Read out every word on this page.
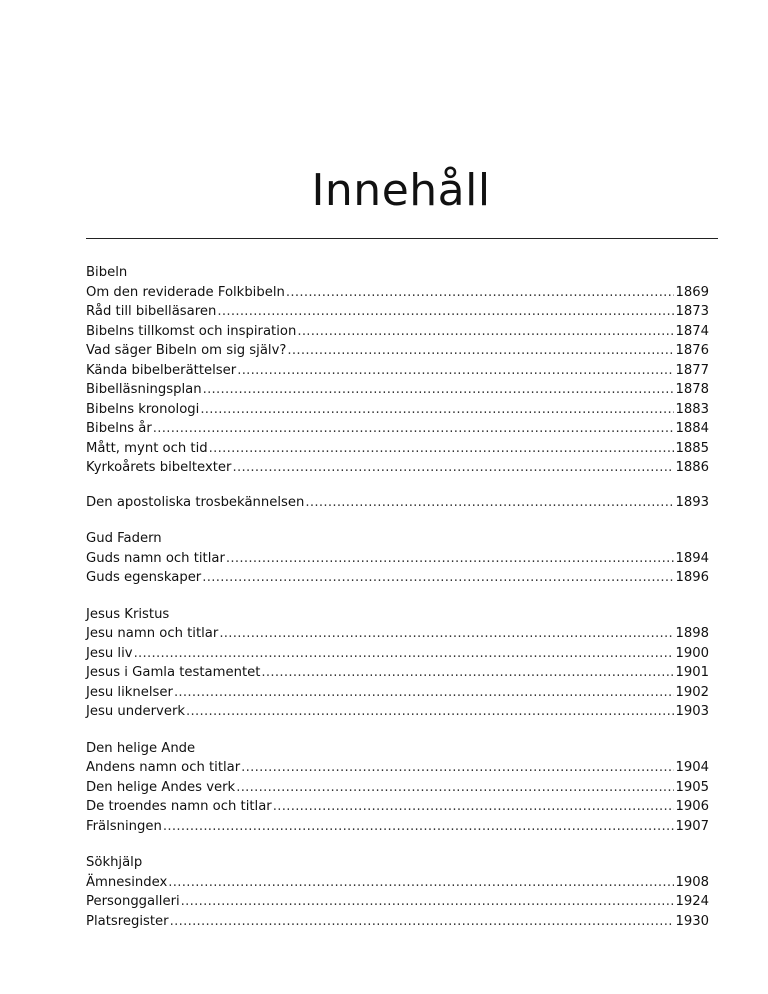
Innehåll
Bibeln
Om den reviderade Folkbibeln .....	1869
Råd till bibelläsaren .....	1873
Bibelns tillkomst och inspiration .....	1874
Vad säger Bibeln om sig själv? .....	1876
Kända bibelberättelser .....	1877
Bibelläsningsplan .....	1878
Bibelns kronologi .....	1883
Bibelns år .....	1884
Mått, mynt och tid .....	1885
Kyrkoårets bibeltexter .....	1886
Den apostoliska trosbekännelsen .....	1893
Gud Fadern
Guds namn och titlar .....	1894
Guds egenskaper .....	1896
Jesus Kristus
Jesu namn och titlar .....	1898
Jesu liv .....	1900
Jesus i Gamla testamentet .....	1901
Jesu liknelser .....	1902
Jesu underverk .....	1903
Den helige Ande
Andens namn och titlar .....	1904
Den helige Andes verk .....	1905
De troendes namn och titlar .....	1906
Frälsningen .....	1907
Sökhjälp
Ämnesindex .....	1908
Personggalleri .....	1924
Platsregister .....	1930
